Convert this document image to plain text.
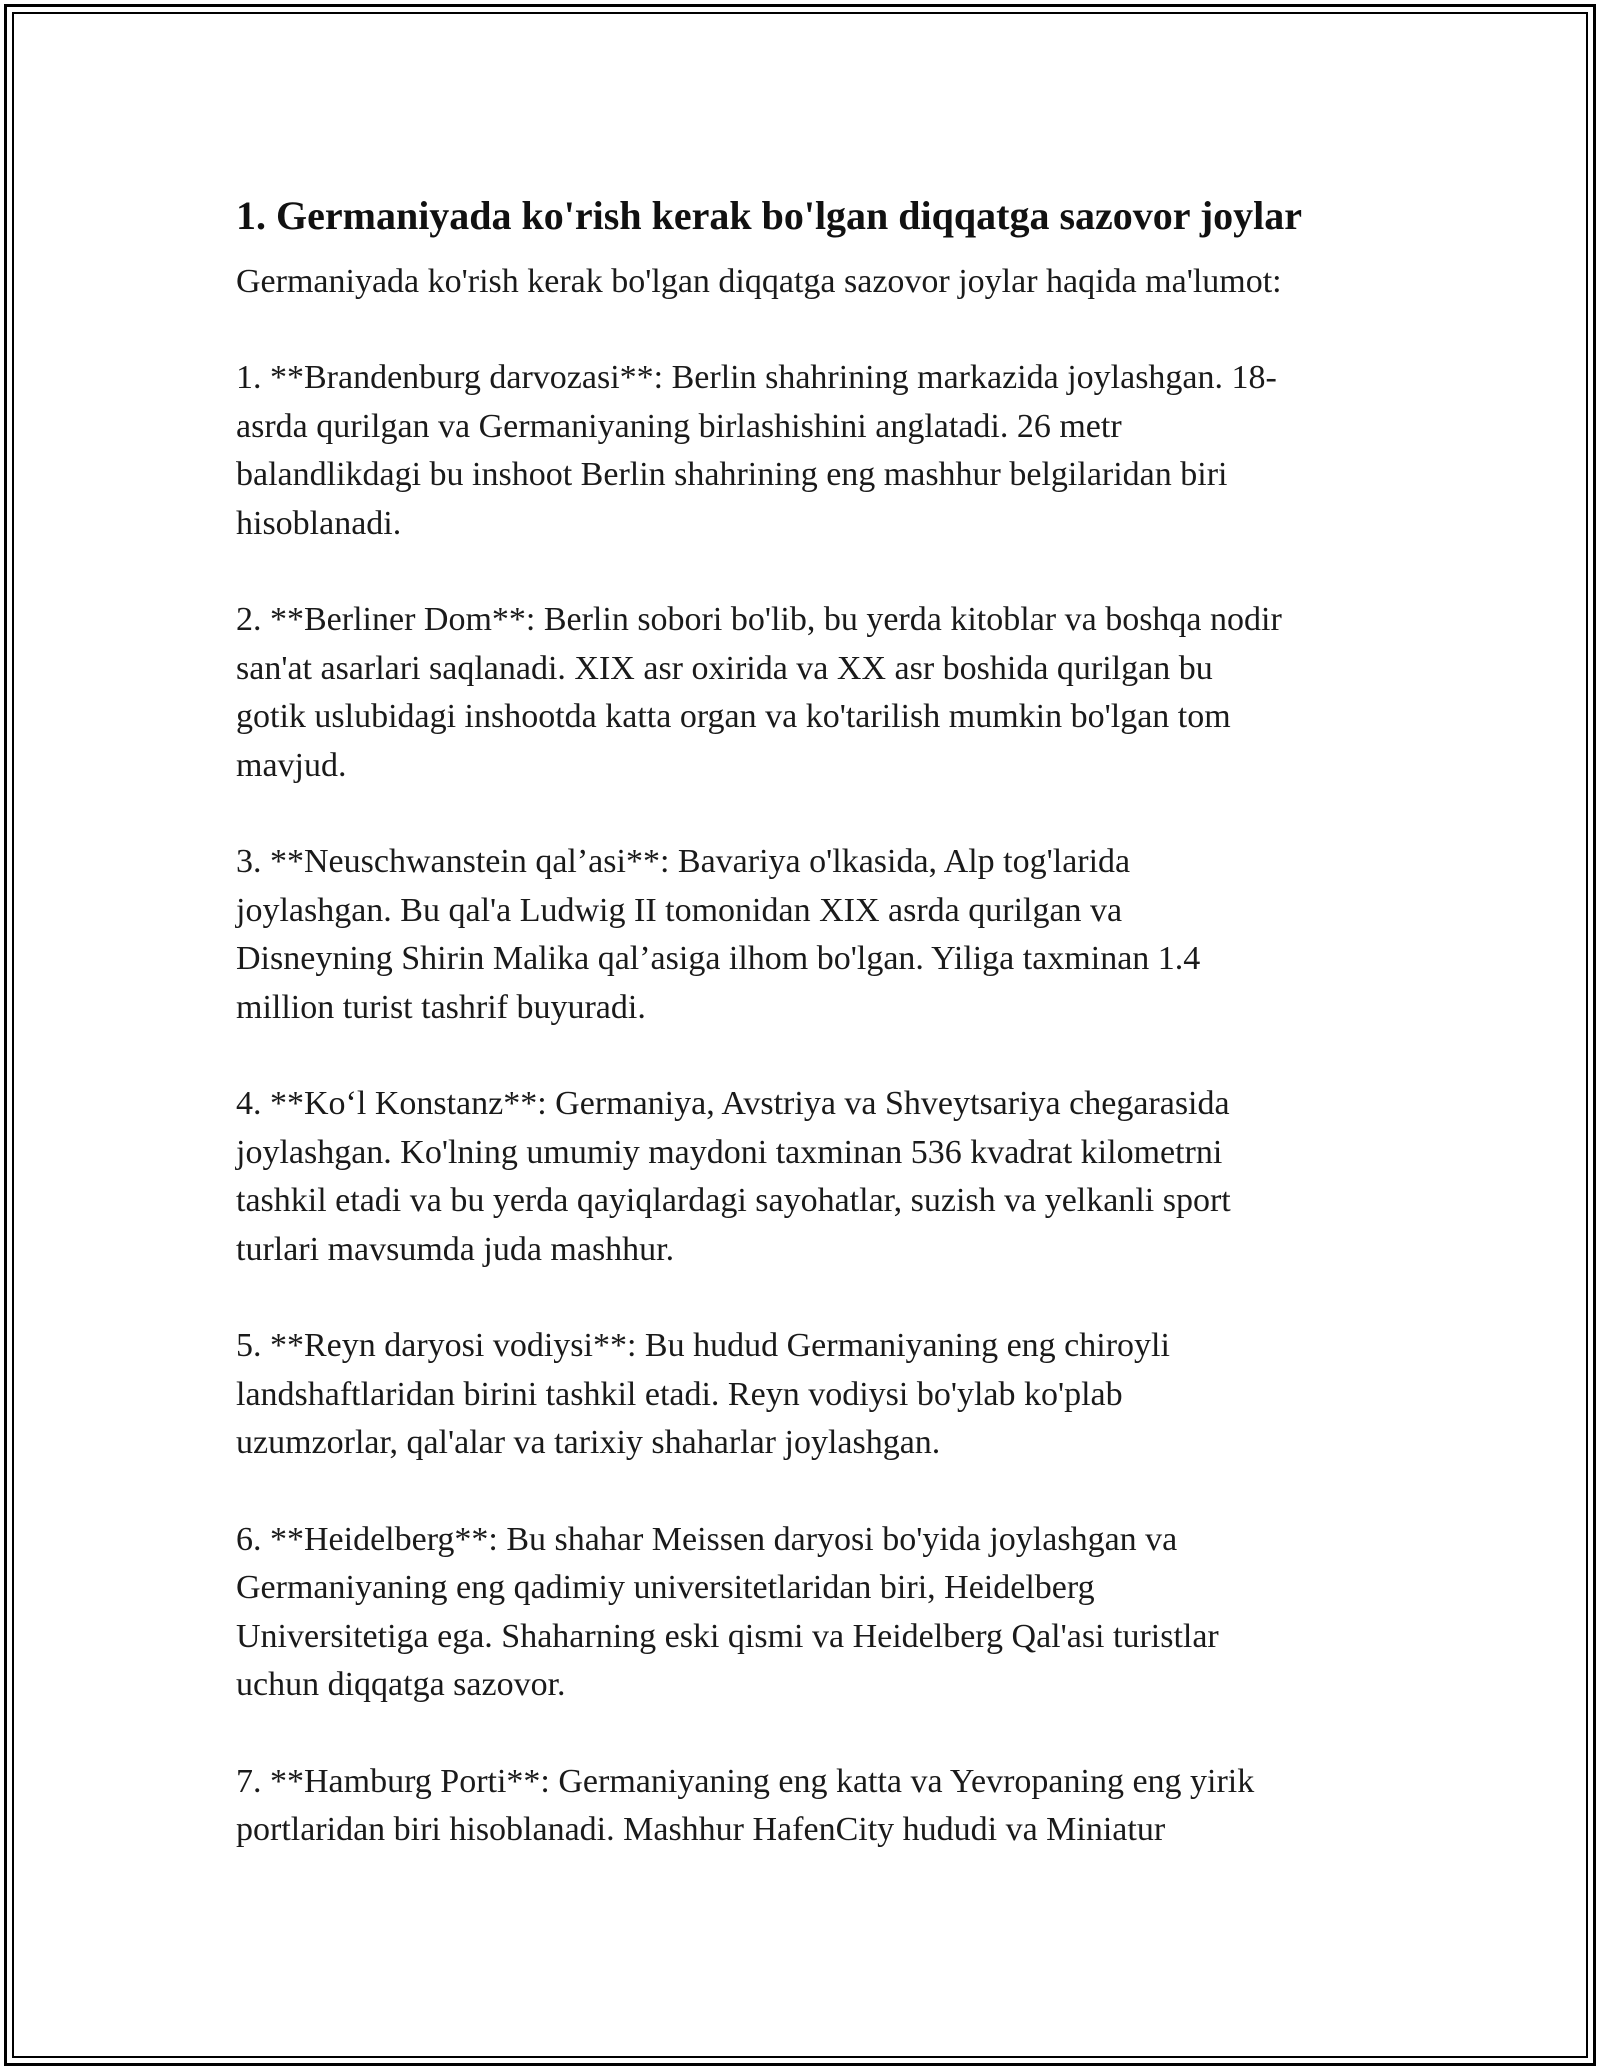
1. Germaniyada ko'rish kerak bo'lgan diqqatga sazovor joylar

Germaniyada ko'rish kerak bo'lgan diqqatga sazovor joylar haqida ma'lumot:

1. **Brandenburg darvozasi**: Berlin shahrining markazida joylashgan. 18-
asrda qurilgan va Germaniyaning birlashishini anglatadi. 26 metr
balandlikdagi bu inshoot Berlin shahrining eng mashhur belgilaridan biri
hisoblanadi.

2. **Berliner Dom**: Berlin sobori bo'lib, bu yerda kitoblar va boshqa nodir
san'at asarlari saqlanadi. XIX asr oxirida va XX asr boshida qurilgan bu
gotik uslubidagi inshootda katta organ va ko'tarilish mumkin bo'lgan tom
mavjud.

3. **Neuschwanstein qal’asi**: Bavariya o'lkasida, Alp tog'larida
joylashgan. Bu qal'a Ludwig II tomonidan XIX asrda qurilgan va
Disneyning Shirin Malika qal’asiga ilhom bo'lgan. Yiliga taxminan 1.4
million turist tashrif buyuradi.

4. **Ko‘l Konstanz**: Germaniya, Avstriya va Shveytsariya chegarasida
joylashgan. Ko'lning umumiy maydoni taxminan 536 kvadrat kilometrni
tashkil etadi va bu yerda qayiqlardagi sayohatlar, suzish va yelkanli sport
turlari mavsumda juda mashhur.

5. **Reyn daryosi vodiysi**: Bu hudud Germaniyaning eng chiroyli
landshaftlaridan birini tashkil etadi. Reyn vodiysi bo'ylab ko'plab
uzumzorlar, qal'alar va tarixiy shaharlar joylashgan.

6. **Heidelberg**: Bu shahar Meissen daryosi bo'yida joylashgan va
Germaniyaning eng qadimiy universitetlaridan biri, Heidelberg
Universitetiga ega. Shaharning eski qismi va Heidelberg Qal'asi turistlar
uchun diqqatga sazovor.

7. **Hamburg Porti**: Germaniyaning eng katta va Yevropaning eng yirik
portlaridan biri hisoblanadi. Mashhur HafenCity hududi va Miniatur
